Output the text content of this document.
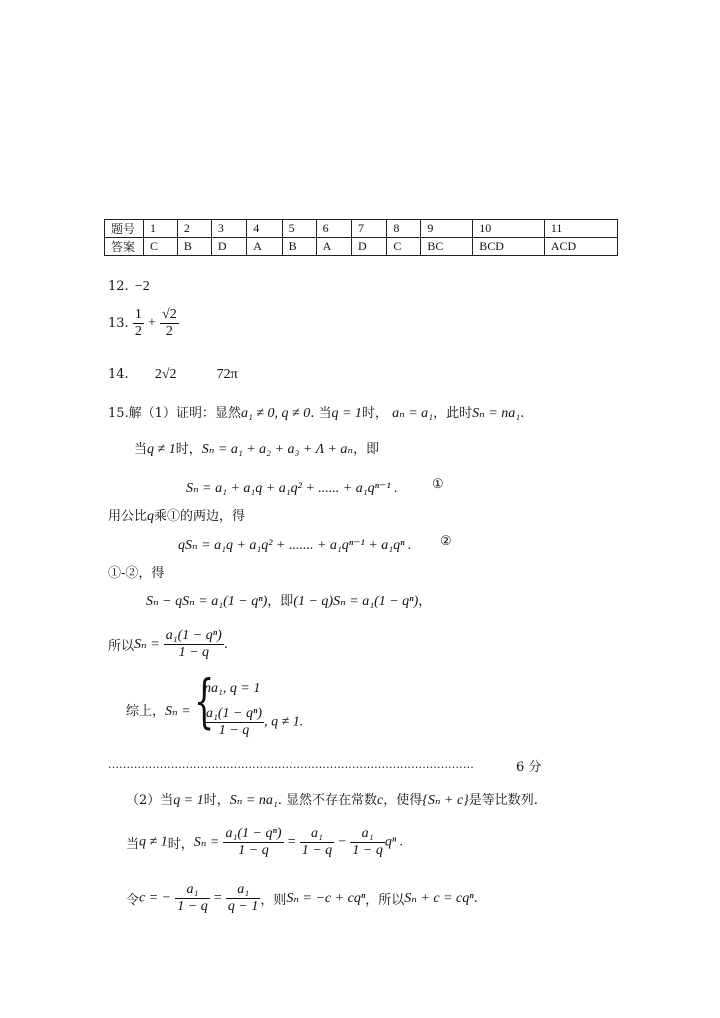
题号	1	2	3	4	5	6	7	8	9	10	11
答案	C	B	D	A	B	A	D	C	BC	BCD	ACD
12. −2
13. $\frac{1}{2} + \frac{√2}{2}$
14. 2√2	72π
15.解（1）证明：显然a₁ ≠ 0, q ≠ 0. 当q = 1时， aₙ = a₁，此时Sₙ = na₁.
当q ≠ 1时，Sₙ = a₁ + a₂ + a₃ + Λ + aₙ，即
Sₙ = a₁ + a₁q + a₁q² + ...... + a₁qⁿ⁻¹ .	①
用公比q乘①的两边，得
qSₙ = a₁q + a₁q² + ....... + a₁qⁿ⁻¹ + a₁qⁿ . ②
①-②，得
Sₙ − qSₙ = a₁(1 − qⁿ)，即(1 − q)Sₙ = a₁(1 − qⁿ)，
所以$S_n = \frac{\text{a₁(1 − qⁿ)}}{1 - q}$ .
综上，Sₙ = {
na₁, q = 1
$\frac{\text{a₁(1 − qⁿ)}}{1 - q}$ , q ≠ 1.
...................................................................................................	6 分
（2）当q = 1时，Sₙ = na₁. 显然不存在常数c，使得{Sₙ + c}是等比数列.
当q ≠ 1时，$S_n = \frac{\text{a₁(1 − qⁿ)}}{1 - q} = \frac{\text{a₁}}{1 - q} - \frac{\text{a₁}}{1 - q}$ qⁿ .
令c = − $\frac{\text{a₁}}{1 - q} = \frac{\text{a₁}}{q - 1}$ ，则Sₙ = −c + cqⁿ，所以Sₙ + c = cqⁿ.
